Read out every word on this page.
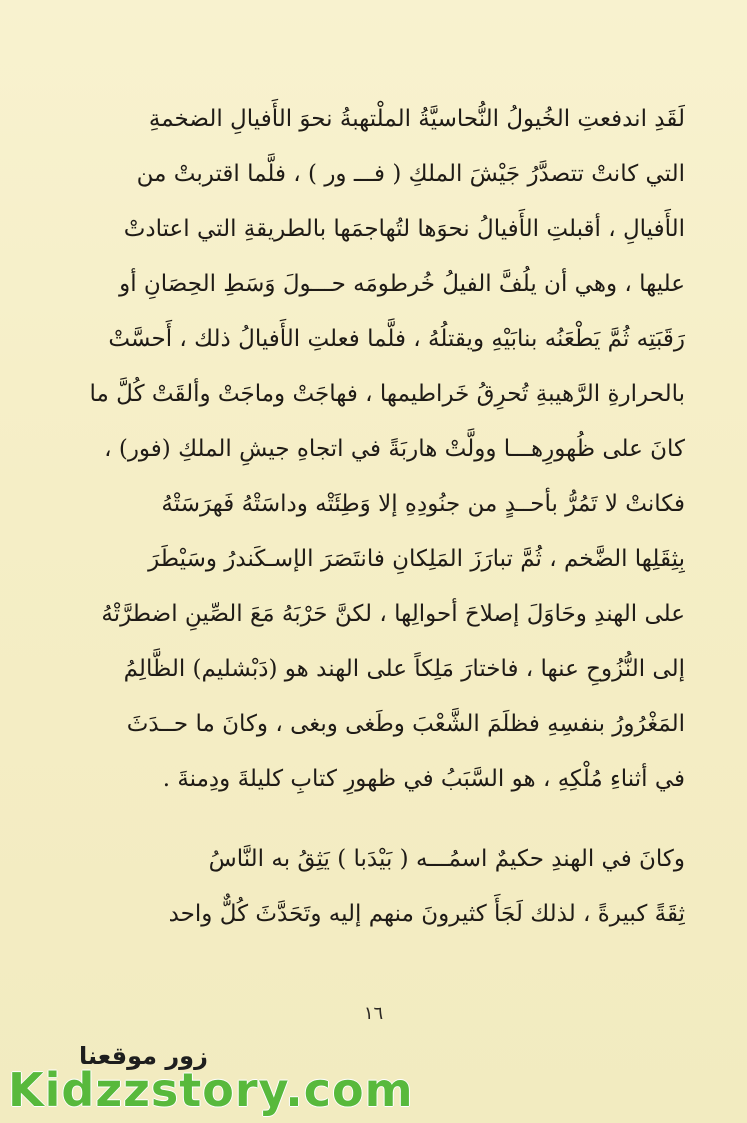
لَقَدِ اندفعتِ الخُيولُ النُّحاسيَّةُ الملْتهبةُ نحوَ الأَفيالِ الضخمةِ
التي كانتْ تتصدَّرُ جَيْشَ الملكِ ( فـــ ور ) ، فلَّما اقتربتْ من
الأَفيالِ ، أقبلتِ الأَفيالُ نحوَها لتُهاجمَها بالطريقةِ التي اعتادتْ
عليها ، وهي أن يلُفَّ الفيلُ خُرطومَه حـــولَ وَسَطِ الحِصَانِ أو
رَقَبَتِه ثُمَّ يَطْعَنُه بنابَيْهِ ويقتلُهُ ، فلَّما فعلتِ الأَفيالُ ذلك ، أَحسَّتْ
بالحرارةِ الرَّهيبةِ تُحرِقُ خَراطيمها ، فهاجَتْ وماجَتْ وألقَتْ كُلَّ ما
كانَ على ظُهورِهـــا وولَّتْ هاربَةً في اتجاهِ جيشِ الملكِ (فور) ،
فكانتْ لا تَمُرُّ بأحــدٍ من جنُودِهِ إلا وَطِئَتْه وداسَتْهُ فَهرَسَتْهُ
بِثِقَلِها الضَّخم ، ثُمَّ تبارَزَ المَلِكانِ فانتَصَرَ الإسـكَندرُ وسَيْطَرَ
على الهندِ وحَاوَلَ إصلاحَ أحوالِها ، لكنَّ حَرْبَهُ مَعَ الصِّينِ اضطرَّتْهُ
إلى النُّزُوحِ عنها ، فاختارَ مَلِكاً على الهند هو (دَبْشليم) الظَّالِمُ
المَغْرُورُ بنفسِهِ فظلَمَ الشَّعْبَ وطَغى وبغى ، وكانَ ما حــدَثَ
في أثناءِ مُلْكِهِ ، هو السَّبَبُ في ظهورِ كتابِ كليلةَ ودِمنةَ .
وكانَ في الهندِ حكيمٌ اسمُـــه ( بَيْدَبا ) يَثِقُ به النَّاسُ
ثِقَةً كبيرةً ، لذلك لَجَأَ كثيرونَ منهم إليه وتَحَدَّثَ كُلٌّ واحد
١٦
زور موقعنا
Kidzzstory.com
